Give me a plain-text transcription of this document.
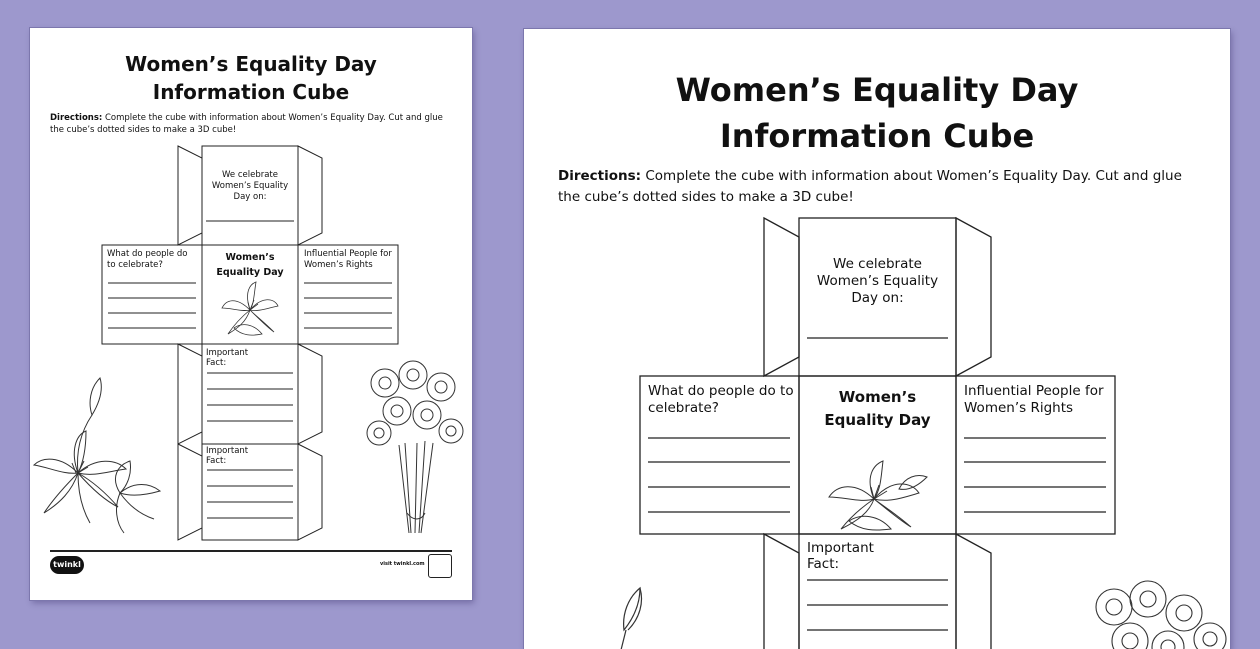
Women’s Equality Day
Information Cube
Directions: Complete the cube with information about Women’s Equality Day. Cut and glue the cube’s dotted sides to make a 3D cube!
We celebrate Women’s Equality Day on:
What do people do to celebrate?
Women’s
Equality Day
Influential People for Women’s Rights
Important Fact:
Important Fact:
twinkl	visit twinkl.com
Women’s Equality Day
Information Cube
Directions: Complete the cube with information about Women’s Equality Day. Cut and glue the cube’s dotted sides to make a 3D cube!
We celebrate Women’s Equality Day on:
What do people do to celebrate?
Women’s
Equality Day
Influential People for Women’s Rights
Important Fact:
